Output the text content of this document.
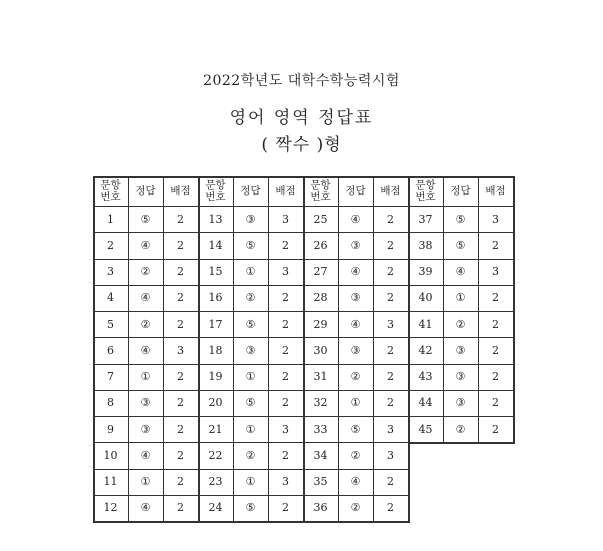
2022학년도 대학수학능력시험
영어 영역 정답표
( 짝수 )형
문항
번호	정답	배점
1	⑤	2
2	④	2
3	②	2
4	④	2
5	②	2
6	④	3
7	①	2
8	③	2
9	③	2
10	④	2
11	①	2
12	④	2
문항
번호	정답	배점
13	③	3
14	⑤	2
15	①	3
16	②	2
17	⑤	2
18	③	2
19	①	2
20	⑤	2
21	①	3
22	②	2
23	①	3
24	⑤	2
문항
번호	정답	배점
25	④	2
26	③	2
27	④	2
28	③	2
29	④	3
30	③	2
31	②	2
32	①	2
33	⑤	3
34	②	3
35	④	2
36	②	2
문항
번호	정답	배점
37	⑤	3
38	⑤	2
39	④	3
40	①	2
41	②	2
42	③	2
43	③	2
44	③	2
45	②	2
